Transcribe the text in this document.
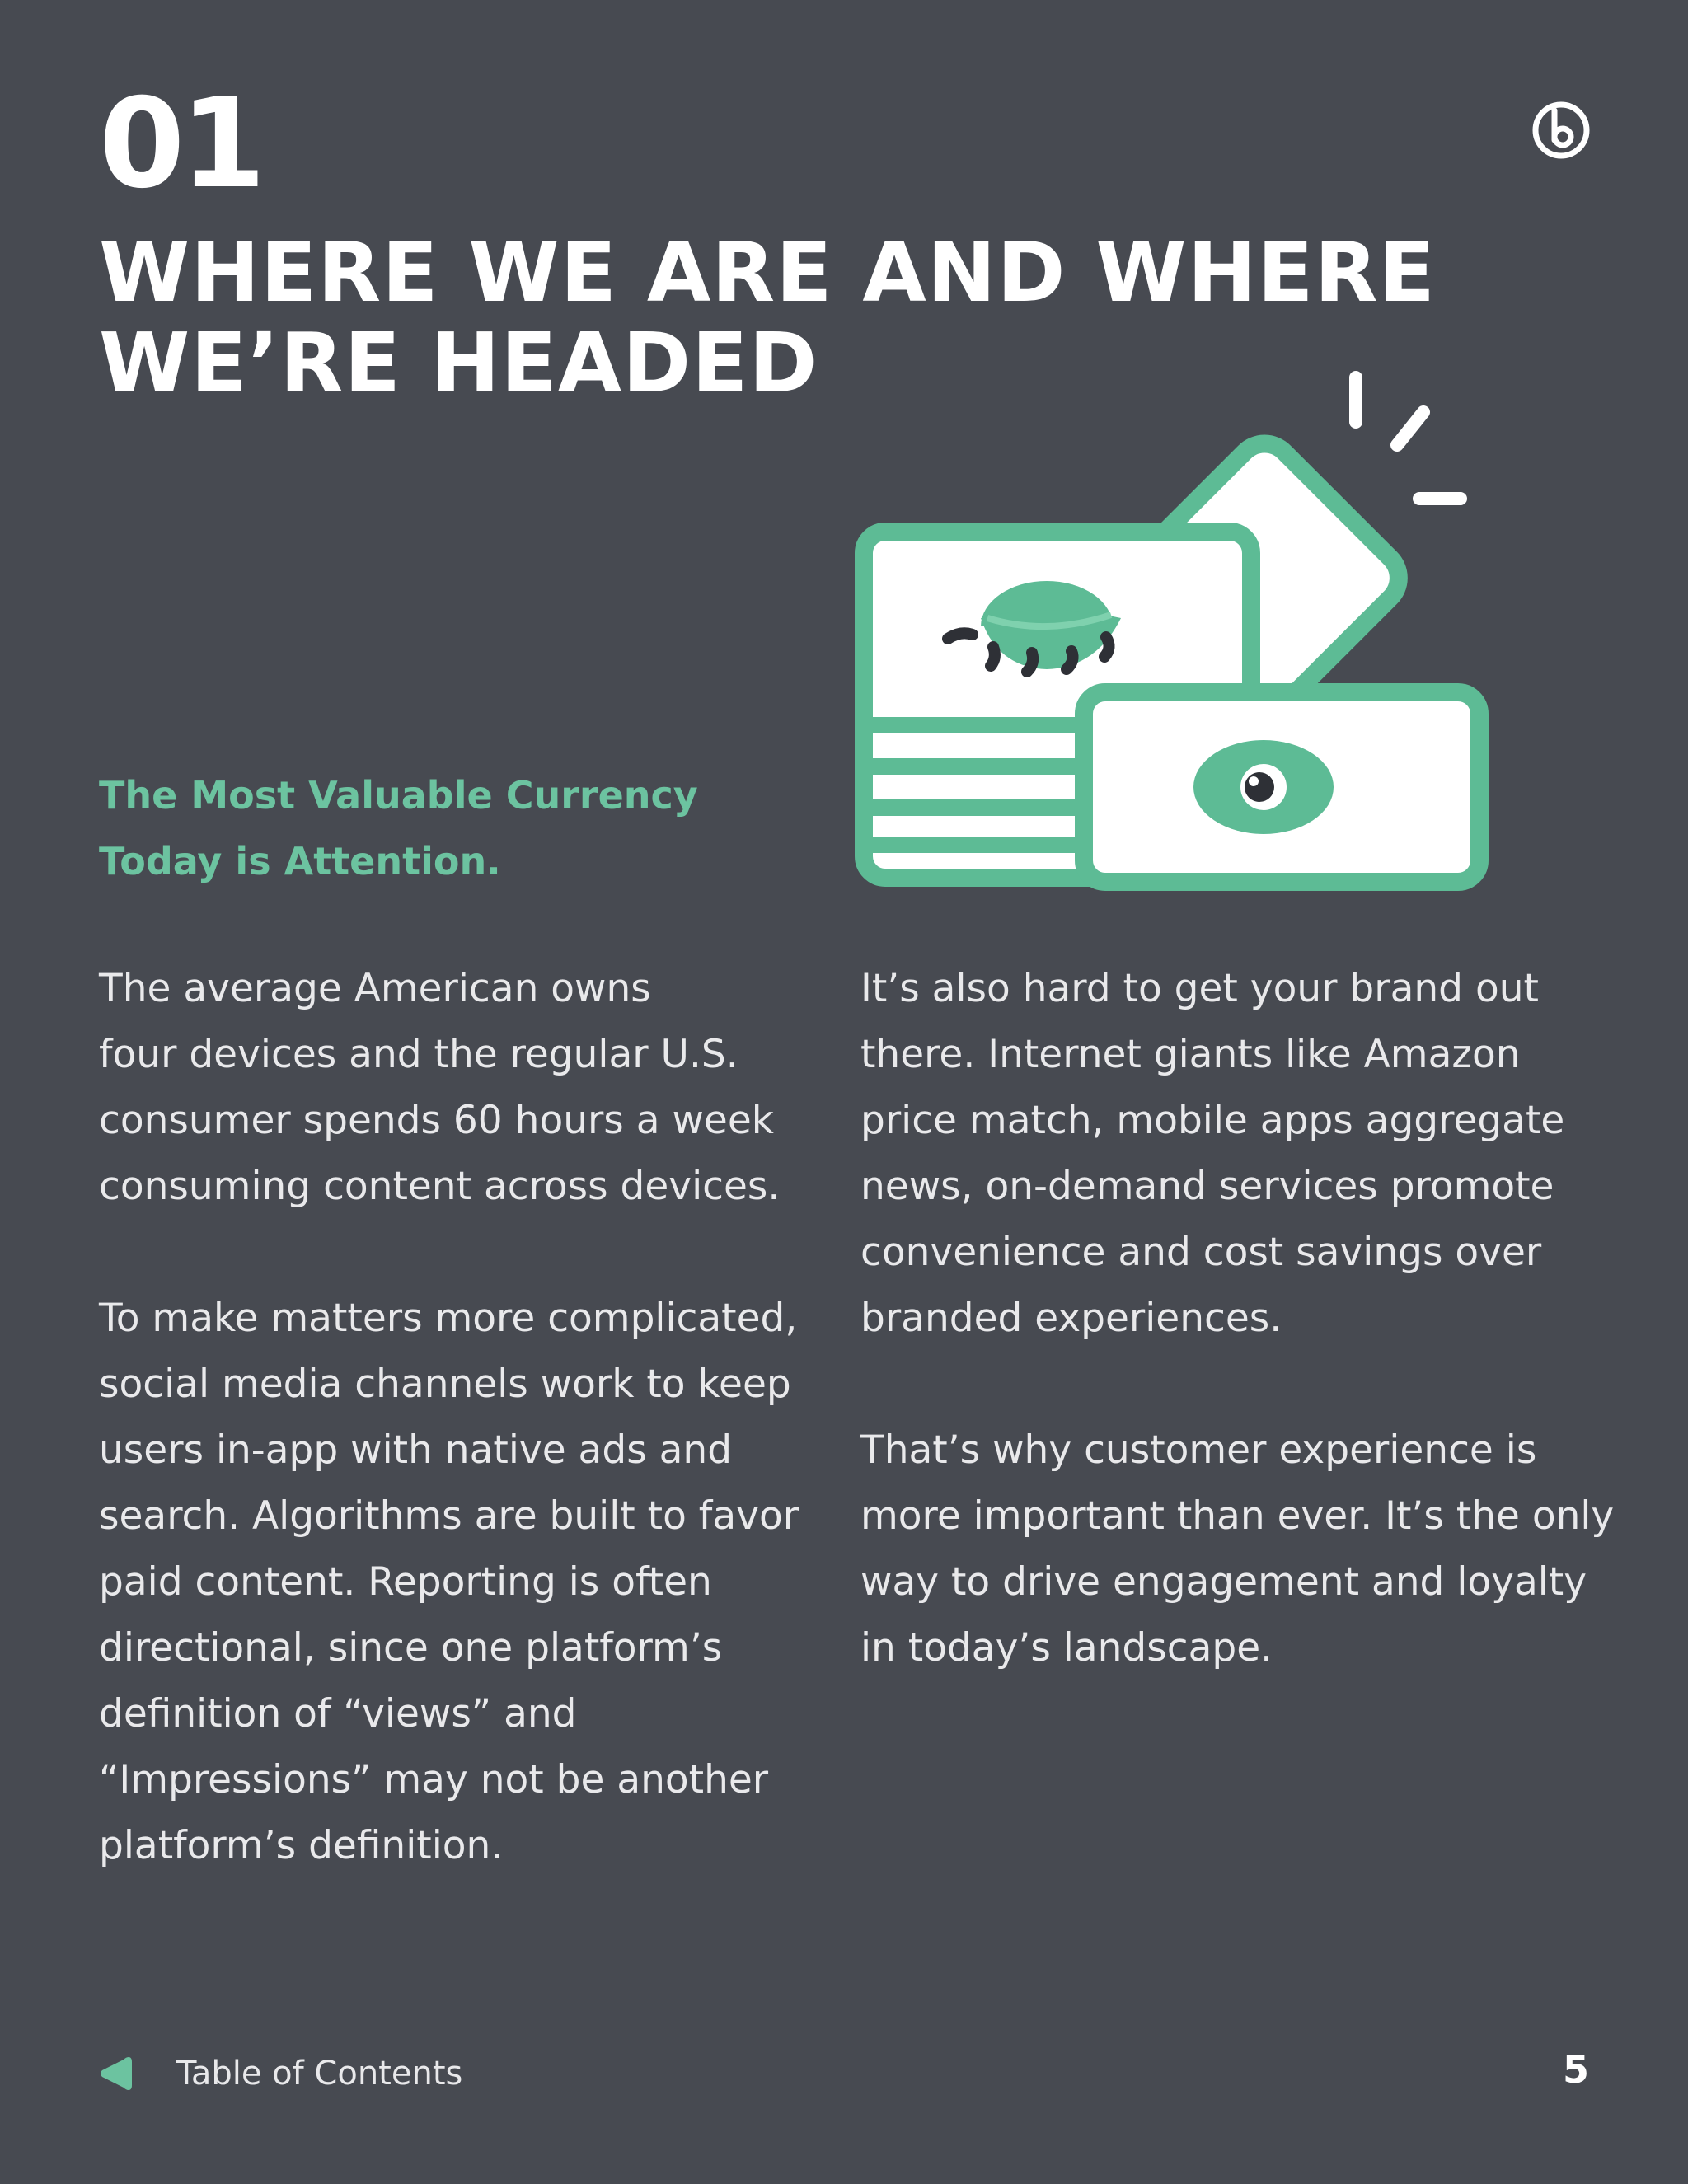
01
WHERE WE ARE AND WHERE
WE’RE HEADED
The Most Valuable Currency
Today is Attention.

The average American owns
four devices and the regular U.S.
consumer spends 60 hours a week
consuming content across devices.

To make matters more complicated,
social media channels work to keep
users in-app with native ads and
search. Algorithms are built to favor
paid content. Reporting is often
directional, since one platform’s
definition of “views” and
“Impressions” may not be another
platform’s definition.

It’s also hard to get your brand out
there. Internet giants like Amazon
price match, mobile apps aggregate
news, on-demand services promote
convenience and cost savings over
branded experiences.

That’s why customer experience is
more important than ever. It’s the only
way to drive engagement and loyalty
in today’s landscape.

Table of Contents	5
